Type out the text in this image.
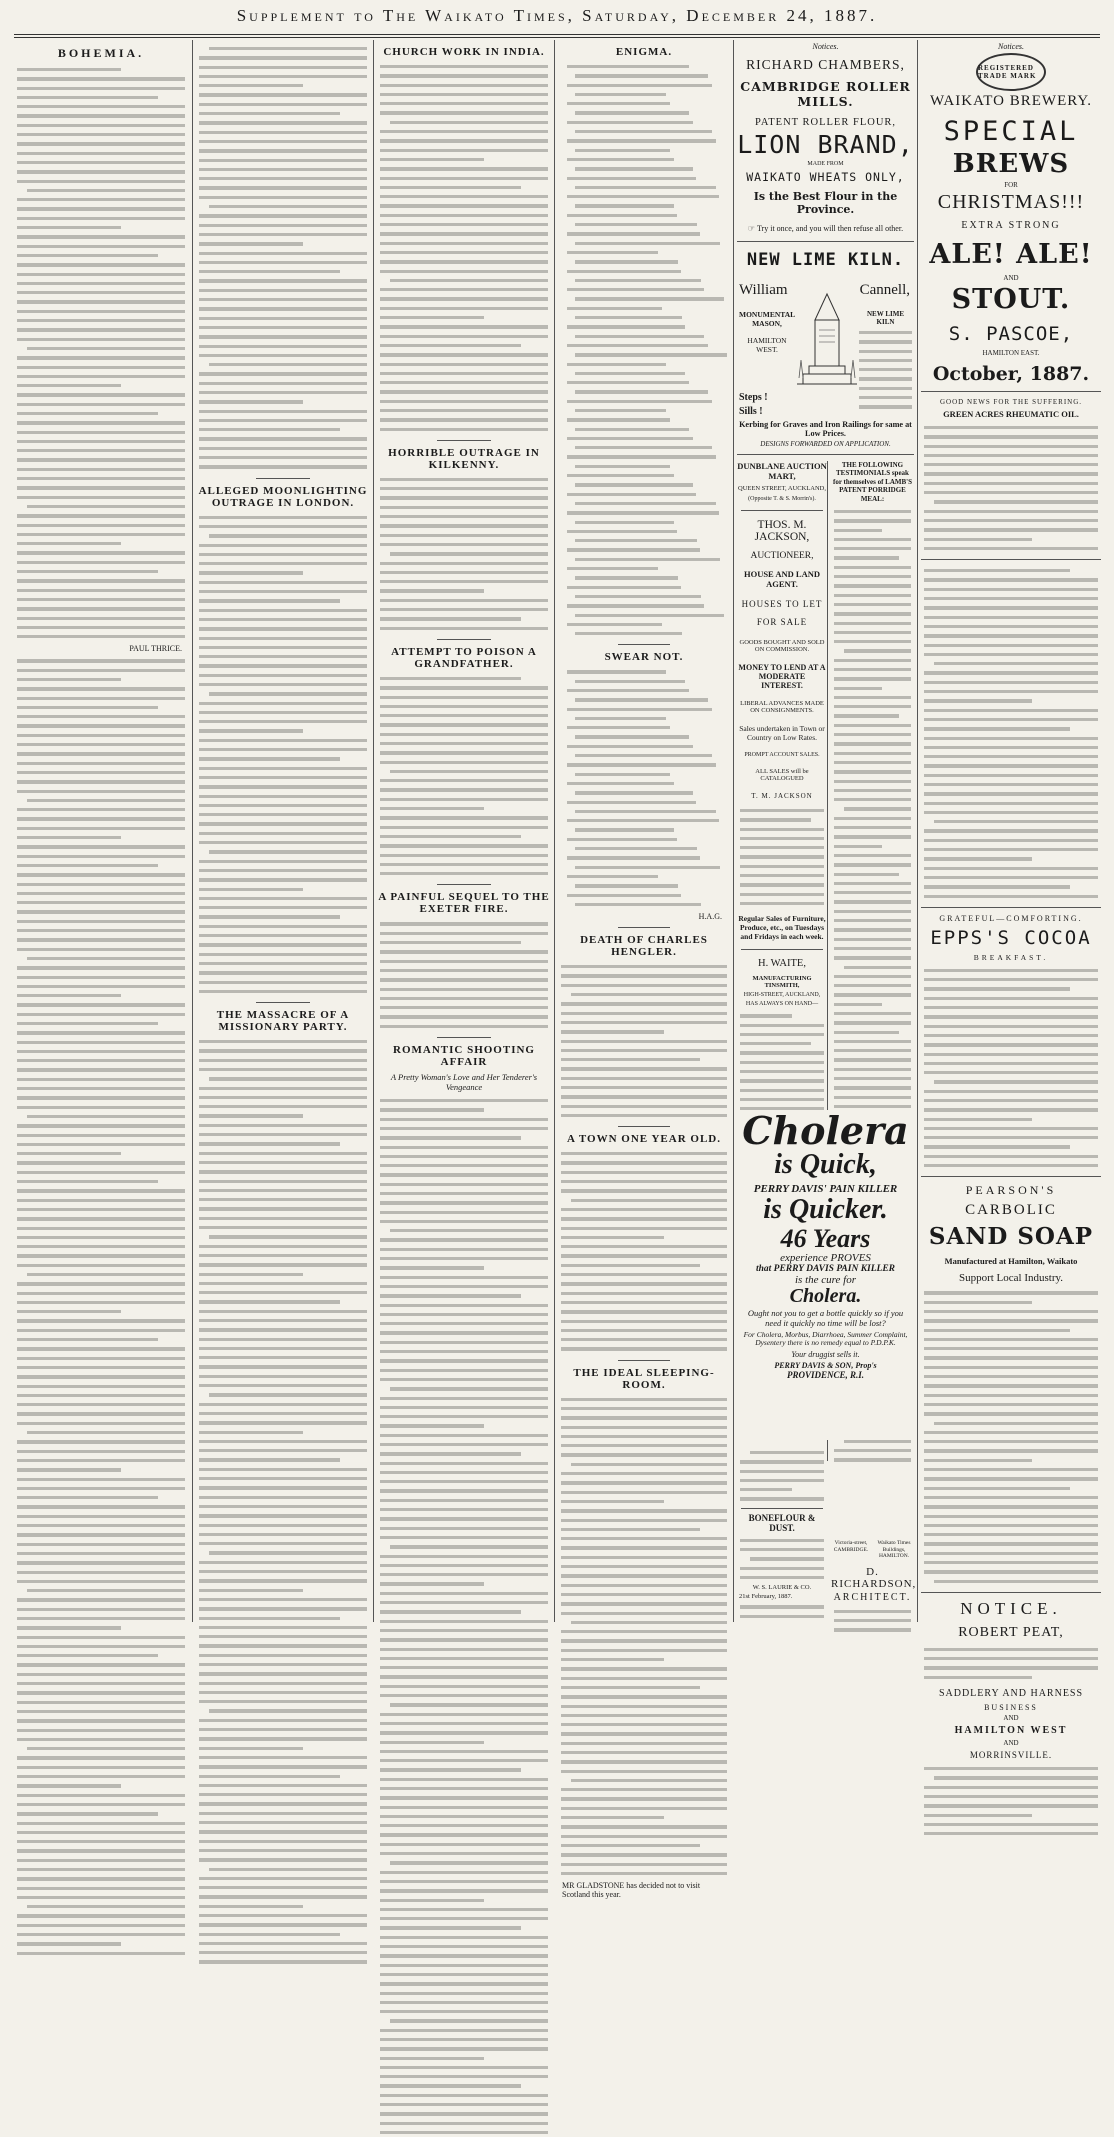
Supplement to The Waikato Times, Saturday, December 24, 1887.
BOHEMIA.
PAUL THRICE.
ALLEGED MOONLIGHTING OUTRAGE IN LONDON.
THE MASSACRE OF A MISSIONARY PARTY.
CHURCH WORK IN INDIA.
HORRIBLE OUTRAGE IN KILKENNY.
ATTEMPT TO POISON A GRANDFATHER.
A PAINFUL SEQUEL TO THE EXETER FIRE.
ROMANTIC SHOOTING AFFAIR
A Pretty Woman's Love and Her Tenderer's Vengeance
ENIGMA.
SWEAR NOT.
H.A.G.
DEATH OF CHARLES HENGLER.
A TOWN ONE YEAR OLD.
THE IDEAL SLEEPING-ROOM.
MR GLADSTONE has decided not to visit Scotland this year.
Notices.
RICHARD CHAMBERS,
CAMBRIDGE ROLLER MILLS.
PATENT ROLLER FLOUR,
LION BRAND,
MADE FROM
WAIKATO WHEATS ONLY,
Is the Best Flour in the Province.
☞ Try it once, and you will then refuse all other.
NEW LIME KILN.
William	Cannell,
MONUMENTAL
MASON,
HAMILTON
WEST.
NEW LIME KILN
Steps !
Sills !
Kerbing for Graves and Iron Railings for same at Low Prices.
DESIGNS FORWARDED ON APPLICATION.
DUNBLANE AUCTION MART,
QUEEN STREET, AUCKLAND,
(Opposite T. & S. Morrin's).
THOS. M. JACKSON,
AUCTIONEER,
HOUSE AND LAND AGENT.
HOUSES TO LET
FOR SALE
GOODS BOUGHT AND SOLD ON COMMISSION.
MONEY TO LEND AT A MODERATE INTEREST.
LIBERAL ADVANCES MADE ON CONSIGNMENTS.
Sales undertaken in Town or Country on Low Rates.
PROMPT ACCOUNT SALES.
ALL SALES will be CATALOGUED
T. M. JACKSON
Regular Sales of Furniture, Produce, etc., on Tuesdays and Fridays in each week.
H. WAITE,
MANUFACTURING TINSMITH,
HIGH-STREET, AUCKLAND,
HAS ALWAYS ON HAND—
THE FOLLOWING TESTIMONIALS speak for themselves of LAMB'S PATENT PORRIDGE MEAL:
Cholera
is Quick,
PERRY DAVIS' PAIN KILLER
is Quicker.
46 Years
experience PROVES
that PERRY DAVIS PAIN KILLER
is the cure for
Cholera.
Ought not you to get a bottle quickly so if you need it quickly no time will be lost?
For Cholera, Morbus, Diarrhoea, Summer Complaint, Dysentery there is no remedy equal to P.D.P.K.
Your druggist sells it.
PERRY DAVIS & SON, Prop's
PROVIDENCE, R.I.
BONEFLOUR & DUST.
W. S. LAURIE & CO.
21st February, 1887.
Victoria-street, CAMBRIDGE.
Waikato Times Buildings, HAMILTON.
D. RICHARDSON,
ARCHITECT.
Notices.
REGISTERED TRADE MARK
WAIKATO BREWERY.
SPECIAL
BREWS
FOR
CHRISTMAS!!!
EXTRA STRONG
ALE! ALE!
AND
STOUT.
S. PASCOE,
HAMILTON EAST.
October, 1887.
GOOD NEWS FOR THE SUFFERING.
GREEN ACRES RHEUMATIC OIL.
GRATEFUL—COMFORTING.
EPPS'S COCOA
BREAKFAST.
PEARSON'S
CARBOLIC
SAND SOAP
Manufactured at Hamilton, Waikato
Support Local Industry.
NOTICE.
ROBERT PEAT,
SADDLERY AND HARNESS
BUSINESS
AND
HAMILTON WEST
AND
MORRINSVILLE.
